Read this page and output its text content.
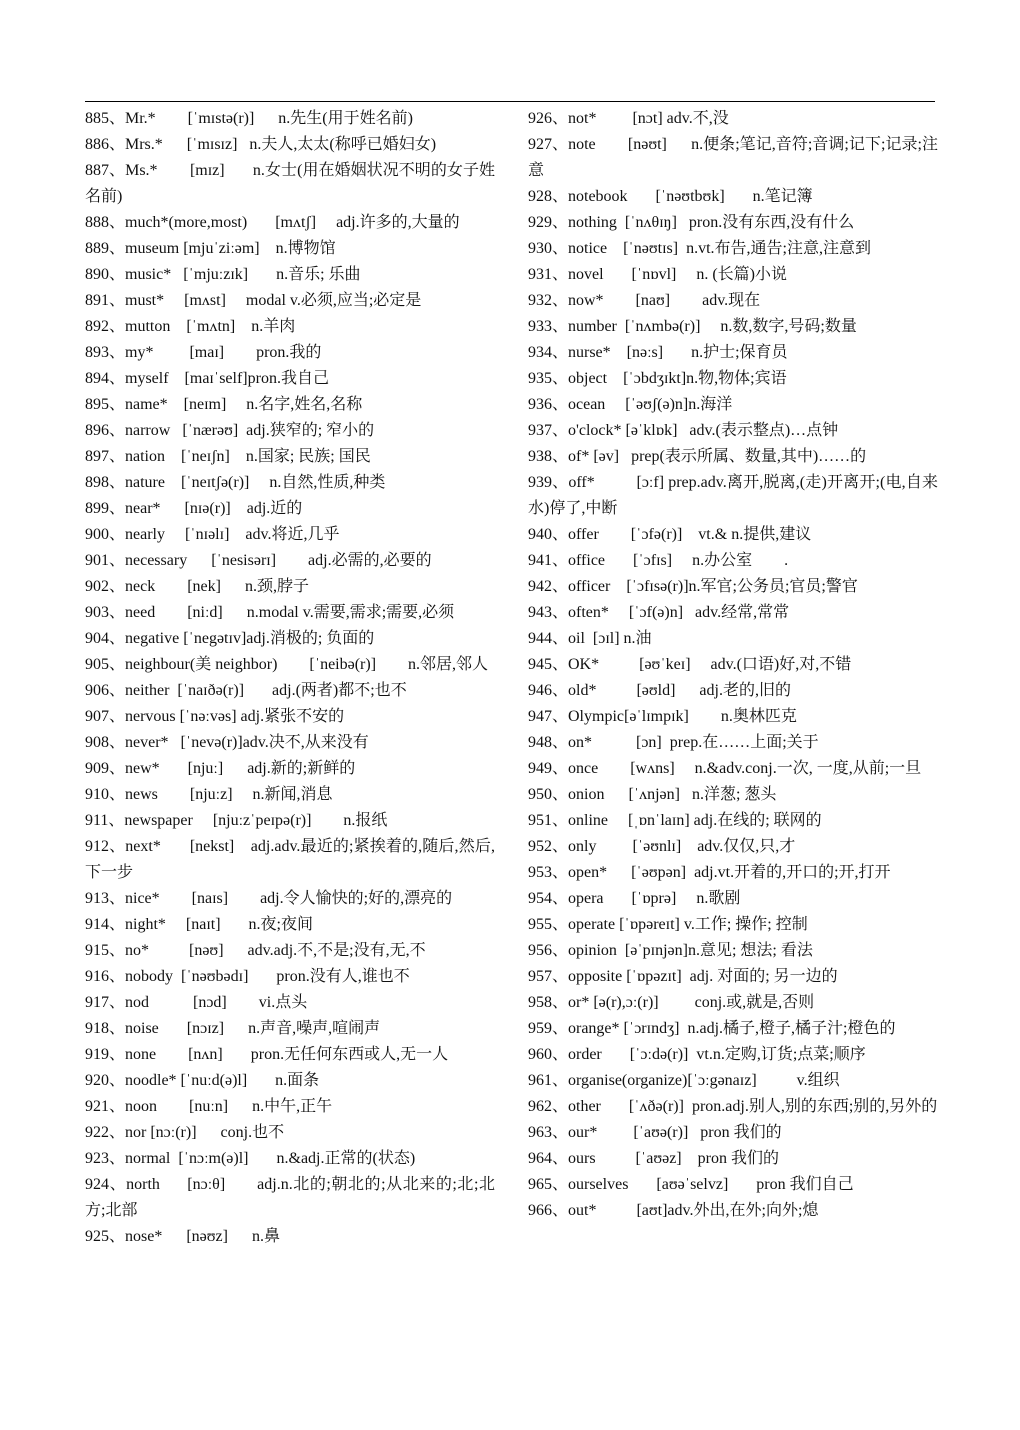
885、Mr.*        [ˈmɪstə(r)]      n.先生(用于姓名前)
886、Mrs.*      [ˈmɪsɪz]   n.夫人,太太(称呼已婚妇女)
887、Ms.*        [mɪz]       n.女士(用在婚姻状况不明的女子姓名前)
888、much*(more,most)       [mʌtʃ]     adj.许多的,大量的
889、museum [mjuˈziːəm]    n.博物馆
890、music*   [ˈmjuːzɪk]       n.音乐; 乐曲
891、must*     [mʌst]     modal v.必须,应当;必定是
892、mutton    [ˈmʌtn]    n.羊肉
893、my*         [maɪ]        pron.我的
894、myself    [maɪˈself]pron.我自己
895、name*    [neɪm]     n.名字,姓名,名称
896、narrow   [ˈnærəʊ]  adj.狭窄的; 窄小的
897、nation    [ˈneɪʃn]    n.国家; 民族; 国民
898、nature    [ˈneɪtʃə(r)]     n.自然,性质,种类
899、near*      [nɪə(r)]    adj.近的
900、nearly     [ˈnɪəlɪ]    adv.将近,几乎
901、necessary      [ˈnesisərɪ]        adj.必需的,必要的
902、neck        [nek]      n.颈,脖子
903、need        [niːd]      n.modal v.需要,需求;需要,必须
904、negative [ˈnegətɪv]adj.消极的; 负面的
905、neighbour(美 neighbor)        [ˈneibə(r)]        n.邻居,邻人
906、neither  [ˈnaɪðə(r)]       adj.(两者)都不;也不
907、nervous [ˈnəːvəs] adj.紧张不安的
908、never*   [ˈnevə(r)]adv.决不,从来没有
909、new*       [njuː]      adj.新的;新鲜的
910、news        [njuːz]     n.新闻,消息
911、newspaper     [njuːzˈpeɪpə(r)]        n.报纸
912、next*       [nekst]    adj.adv.最近的;紧挨着的,随后,然后,下一步
913、nice*        [naɪs]        adj.令人愉快的;好的,漂亮的
914、night*     [naɪt]       n.夜;夜间
915、no*          [nəʊ]      adv.adj.不,不是;没有,无,不
916、nobody  [ˈnəʊbədɪ]       pron.没有人,谁也不
917、nod           [nɔd]        vi.点头
918、noise       [nɔɪz]      n.声音,噪声,喧闹声
919、none        [nʌn]       pron.无任何东西或人,无一人
920、noodle* [ˈnuːd(ə)l]       n.面条
921、noon        [nuːn]      n.中午,正午
922、nor [nɔː(r)]      conj.也不
923、normal  [ˈnɔːm(ə)l]       n.&adj.正常的(状态)
924、north      [nɔːθ]       adj.n.北的;朝北的;从北来的;北;北方;北部
925、nose*      [nəʊz]      n.鼻
926、not*         [nɔt] adv.不,没
927、note        [nəʊt]      n.便条;笔记,音符;音调;记下;记录;注意
928、notebook       [ˈnəʊtbʊk]       n.笔记簿
929、nothing  [ˈnʌθɪŋ]   pron.没有东西,没有什么
930、notice    [ˈnəʊtɪs]  n.vt.布告,通告;注意,注意到
931、novel       [ˈnɒvl]     n. (长篇)小说
932、now*        [naʊ]        adv.现在
933、number  [ˈnʌmbə(r)]     n.数,数字,号码;数量
934、nurse*    [nəːs]       n.护士;保育员
935、object    [ˈɔbdʒɪkt]n.物,物体;宾语
936、ocean     [ˈəʊʃ(ə)n]n.海洋
937、o'clock* [əˈklɒk]   adv.(表示整点)…点钟
938、of* [əv]   prep(表示所属、数量,其中)……的
939、off*          [ɔːf] prep.adv.离开,脱离,(走)开离开;(电,自来水)停了,中断
940、offer        [ˈɔfə(r)]    vt.& n.提供,建议
941、office       [ˈɔfɪs]     n.办公室        .
942、officer    [ˈɔfɪsə(r)]n.军官;公务员;官员;警官
943、often*     [ˈɔf(ə)n]   adv.经常,常常
944、oil  [ɔɪl] n.油
945、OK*          [əʊˈkeɪ]     adv.(口语)好,对,不错
946、old*          [əʊld]      adj.老的,旧的
947、Olympic[əˈlɪmpɪk]        n.奥林匹克
948、on*           [ɔn]  prep.在……上面;关于
949、once        [wʌns]     n.&adv.conj.一次, 一度,从前;一旦
950、onion      [ˈʌnjən]   n.洋葱; 葱头
951、online     [ˌɒnˈlaɪn] adj.在线的; 联网的
952、only         [ˈəʊnlɪ]    adv.仅仅,只,才
953、open*      [ˈəʊpən]  adj.vt.开着的,开口的;开,打开
954、opera       [ˈɒprə]     n.歌剧
955、operate [ˈɒpəreɪt] v.工作; 操作; 控制
956、opinion  [əˈpɪnjən]n.意见; 想法; 看法
957、opposite [ˈɒpəzɪt]  adj. 对面的; 另一边的
958、or* [ə(r),ɔː(r)]         conj.或,就是,否则
959、orange* [ˈɔrɪndʒ]  n.adj.橘子,橙子,橘子汁;橙色的
960、order       [ˈɔːdə(r)]  vt.n.定购,订货;点菜;顺序
961、organise(organize)[ˈɔːgənaɪz]          v.组织
962、other       [ˈʌðə(r)]  pron.adj.别人,别的东西;别的,另外的
963、our*         [ˈaʊə(r)]   pron 我们的
964、ours          [ˈaʊəz]    pron 我们的
965、ourselves       [aʊəˈselvz]       pron 我们自己
966、out*          [aʊt]adv.外出,在外;向外;熄
